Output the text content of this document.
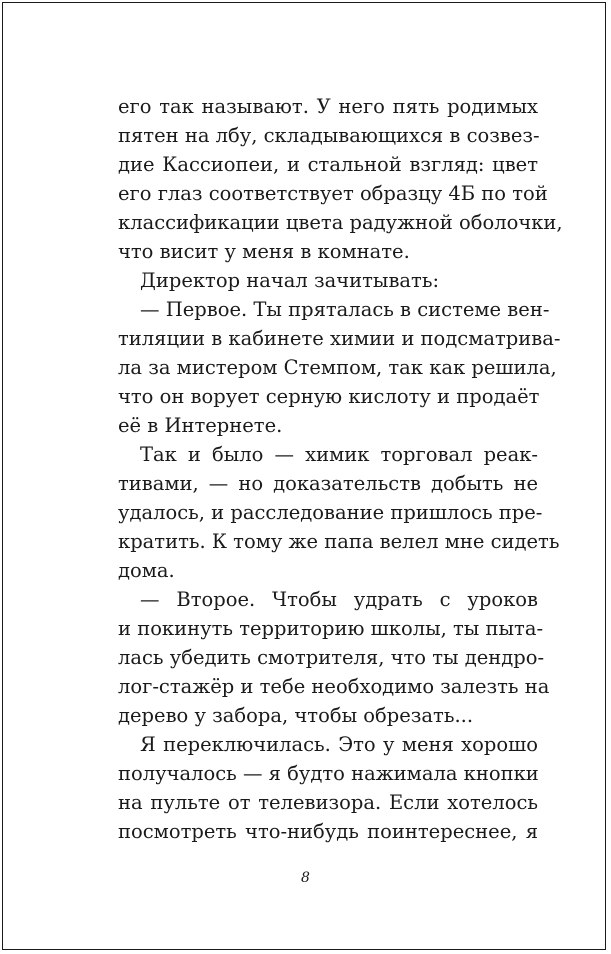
его так называют. У него пять родимых
пятен на лбу, складывающихся в созвез-
дие Кассиопеи, и стальной взгляд: цвет
его глаз соответствует образцу 4Б по той
классификации цвета радужной оболочки,
что висит у меня в комнате.
Директор начал зачитывать:
— Первое. Ты пряталась в системе вен-
тиляции в кабинете химии и подсматрива-
ла за мистером Стемпом, так как решила,
что он ворует серную кислоту и продаёт
её в Интернете.
Так и было — химик торговал реак-
тивами, — но доказательств добыть не
удалось, и расследование пришлось пре-
кратить. К тому же папа велел мне сидеть
дома.
— Второе. Чтобы удрать с уроков
и покинуть территорию школы, ты пыта-
лась убедить смотрителя, что ты дендро-
лог-стажёр и тебе необходимо залезть на
дерево у забора, чтобы обрезать...
Я переключилась. Это у меня хорошо
получалось — я будто нажимала кнопки
на пульте от телевизора. Если хотелось
посмотреть что-нибудь поинтереснее, я
8
